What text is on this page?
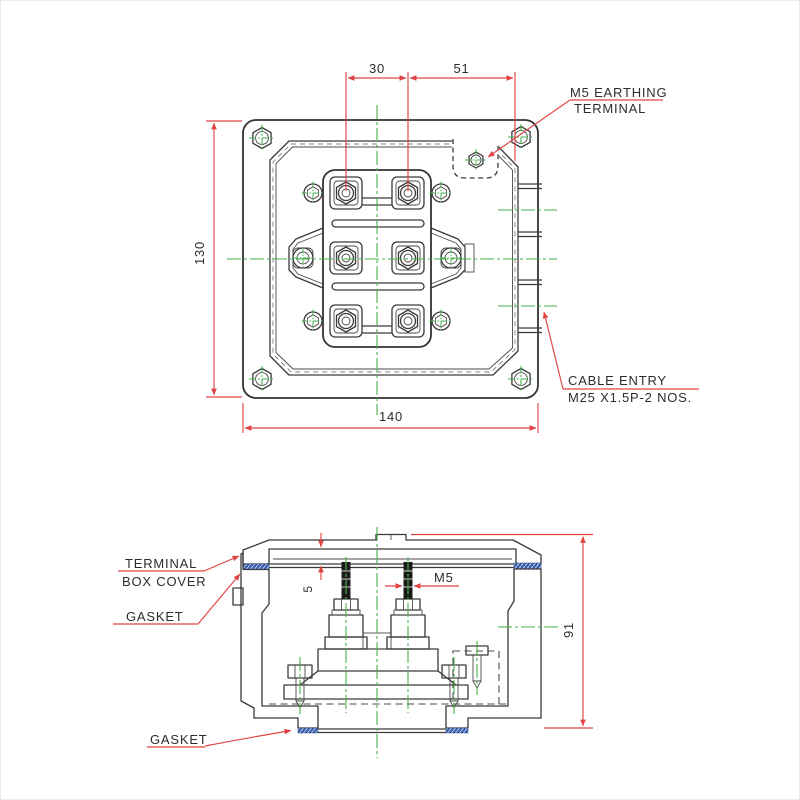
30	51
130
140
M5 EARTHING
TERMINAL
CABLE ENTRY
M25 X1.5P-2 NOS.
91
5
M5
TERMINAL
BOX COVER
GASKET
GASKET
